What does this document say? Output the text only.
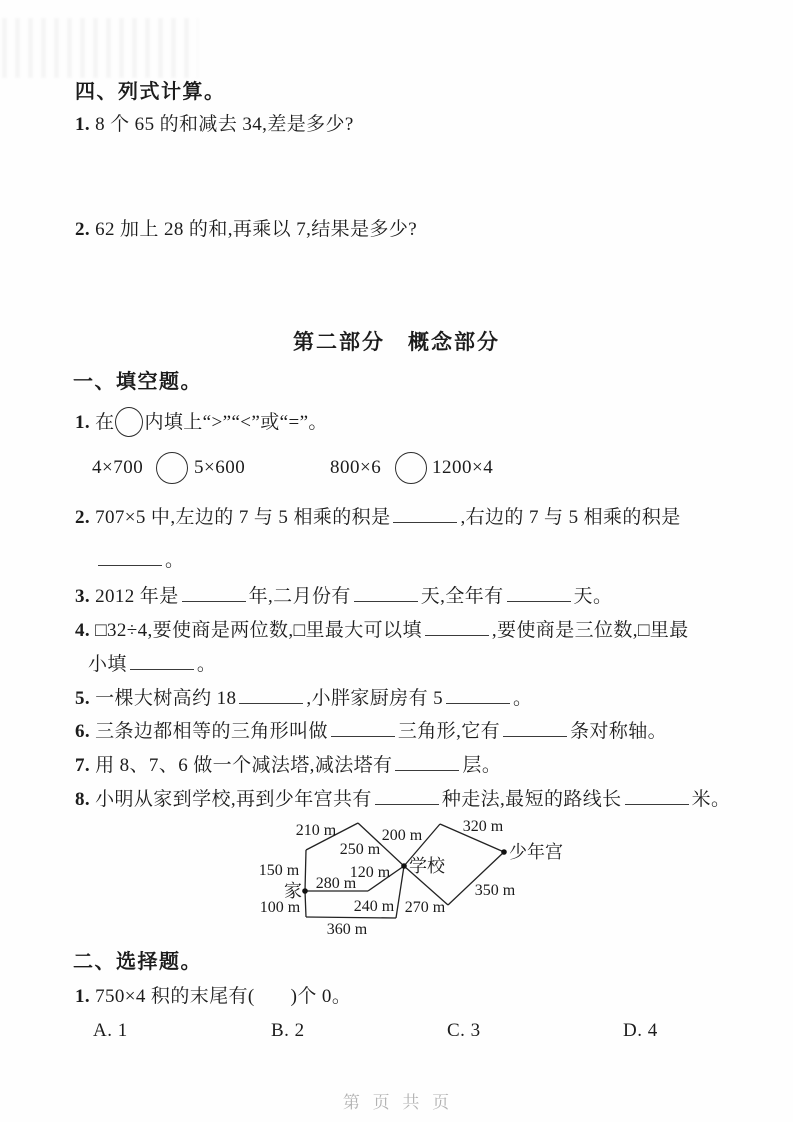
四、列式计算。
1. 8 个 65 的和减去 34,差是多少?
2. 62 加上 28 的和,再乘以 7,结果是多少?
第二部分　概念部分
一、填空题。
1. 在 内填上“>”“<”或“=”。
4×700	5×600	800×6	1200×4
2. 707×5 中,左边的 7 与 5 相乘的积是	,右边的 7 与 5 相乘的积是
。
3. 2012 年是	年,二月份有	天,全年有	天。
4. □32÷4,要使商是两位数,□里最大可以填	,要使商是三位数,□里最
小填	。
5. 一棵大树高约 18	,小胖家厨房有 5	。
6. 三条边都相等的三角形叫做	三角形,它有	条对称轴。
7. 用 8、7、6 做一个减法塔,减法塔有	层。
8. 小明从家到学校,再到少年宫共有	种走法,最短的路线长	米。
210 m
250 m
200 m
320 m
150 m	120 m
280 m
100 m	240 m 270 m
350 m
360 m
家
学校
少年宫
二、选择题。
1. 750×4 积的末尾有( )个 0。
A. 1	B. 2	C. 3	D. 4
第 页 共 页
